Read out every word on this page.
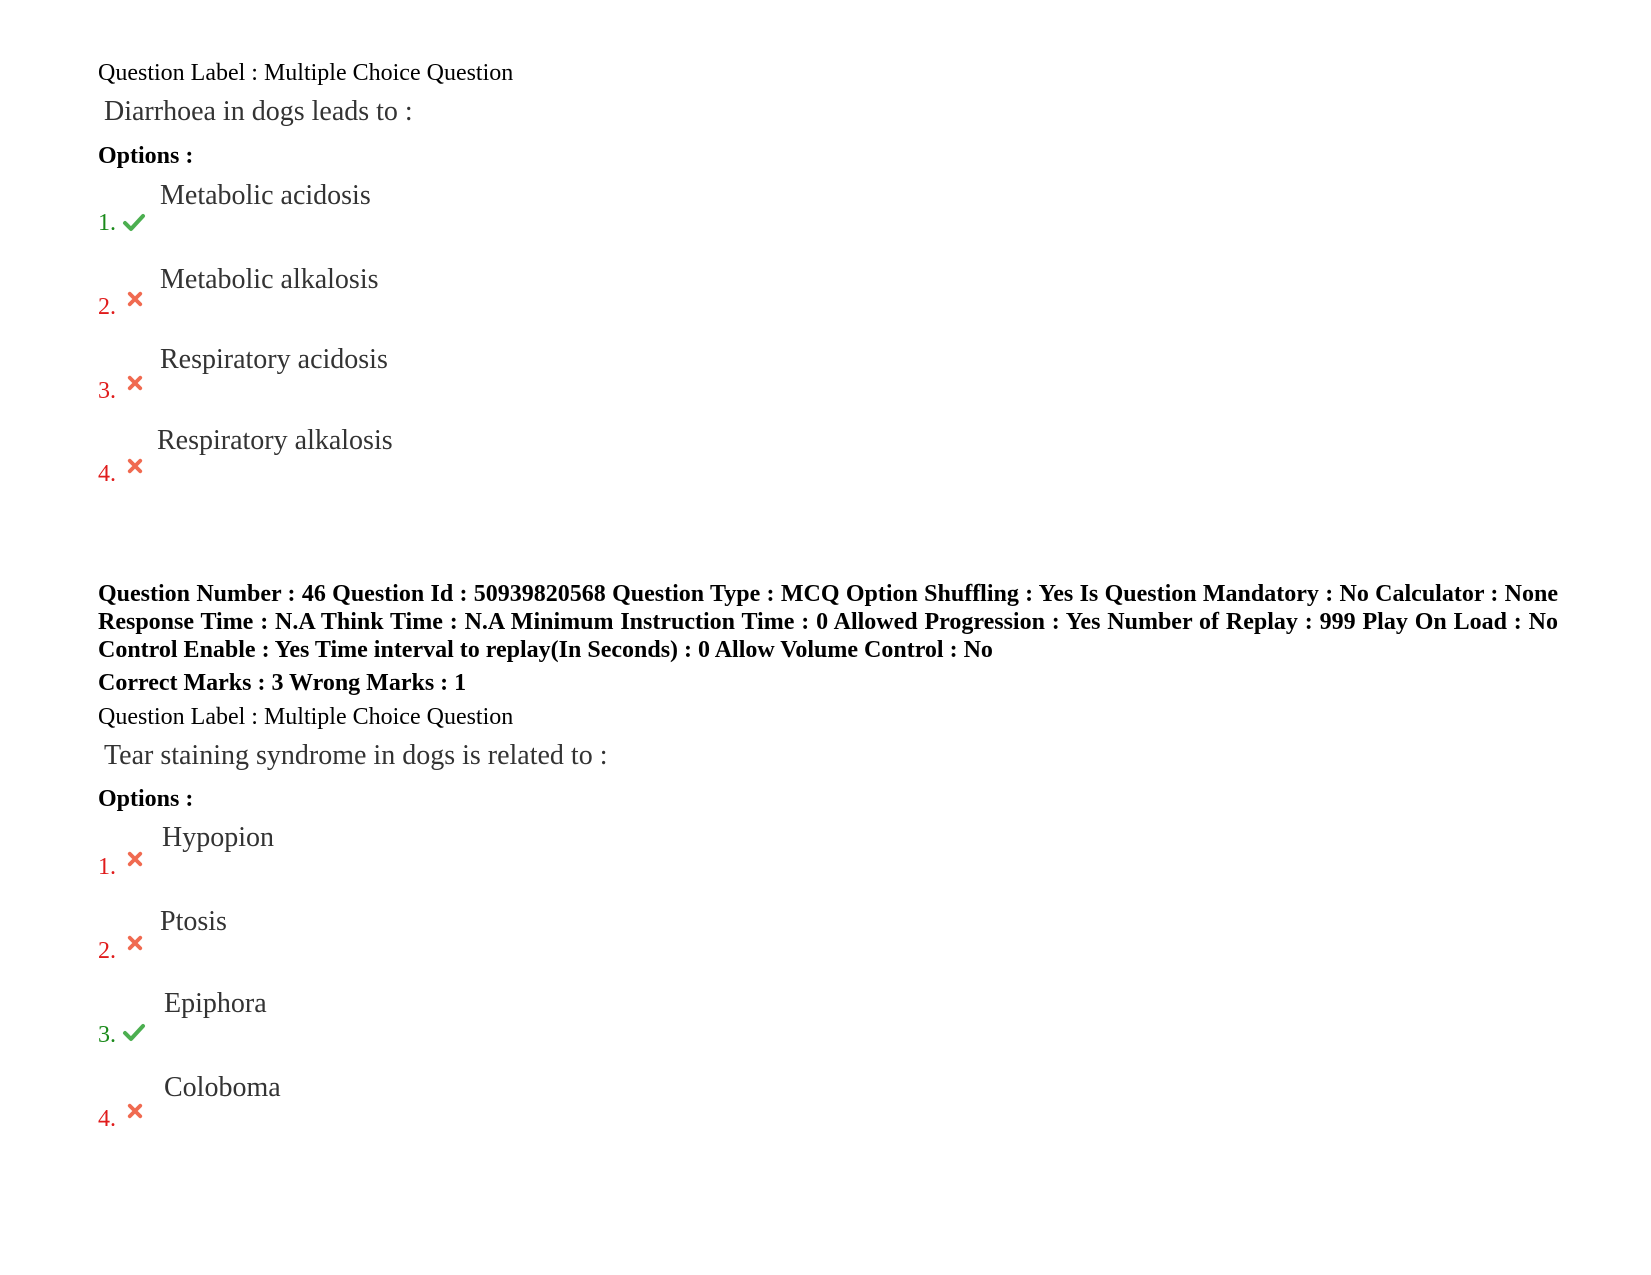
Question Label : Multiple Choice Question
Diarrhoea in dogs leads to :
Options :
1.
Metabolic acidosis
2.
Metabolic alkalosis
3.
Respiratory acidosis
4.
Respiratory alkalosis
Question Number : 46 Question Id : 50939820568 Question Type : MCQ Option Shuffling : Yes Is Question Mandatory : No Calculator : None Response Time : N.A Think Time : N.A Minimum Instruction Time : 0 Allowed Progression : Yes Number of Replay : 999 Play On Load : No Control Enable : Yes Time interval to replay(In Seconds) : 0 Allow Volume Control : No
Correct Marks : 3 Wrong Marks : 1
Question Label : Multiple Choice Question
Tear staining syndrome in dogs is related to :
Options :
1.
Hypopion
2.
Ptosis
3.
Epiphora
4.
Coloboma
